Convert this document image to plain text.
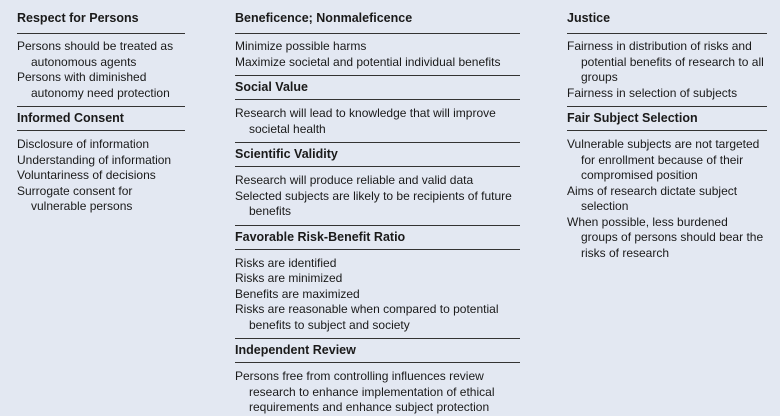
Respect for Persons
Persons should be treated as autonomous agents
Persons with diminished autonomy need protection
Informed Consent
Disclosure of information
Understanding of information
Voluntariness of decisions
Surrogate consent for vulnerable persons
Beneficence; Nonmaleficence
Minimize possible harms
Maximize societal and potential individual benefits
Social Value
Research will lead to knowledge that will improve societal health
Scientific Validity
Research will produce reliable and valid data
Selected subjects are likely to be recipients of future benefits
Favorable Risk-Benefit Ratio
Risks are identified
Risks are minimized
Benefits are maximized
Risks are reasonable when compared to potential benefits to subject and society
Independent Review
Persons free from controlling influences review research to enhance implementation of ethical requirements and enhance subject protection
Justice
Fairness in distribution of risks and potential benefits of research to all groups
Fairness in selection of subjects
Fair Subject Selection
Vulnerable subjects are not targeted for enrollment because of their compromised position
Aims of research dictate subject selection
When possible, less burdened groups of persons should bear the risks of research
